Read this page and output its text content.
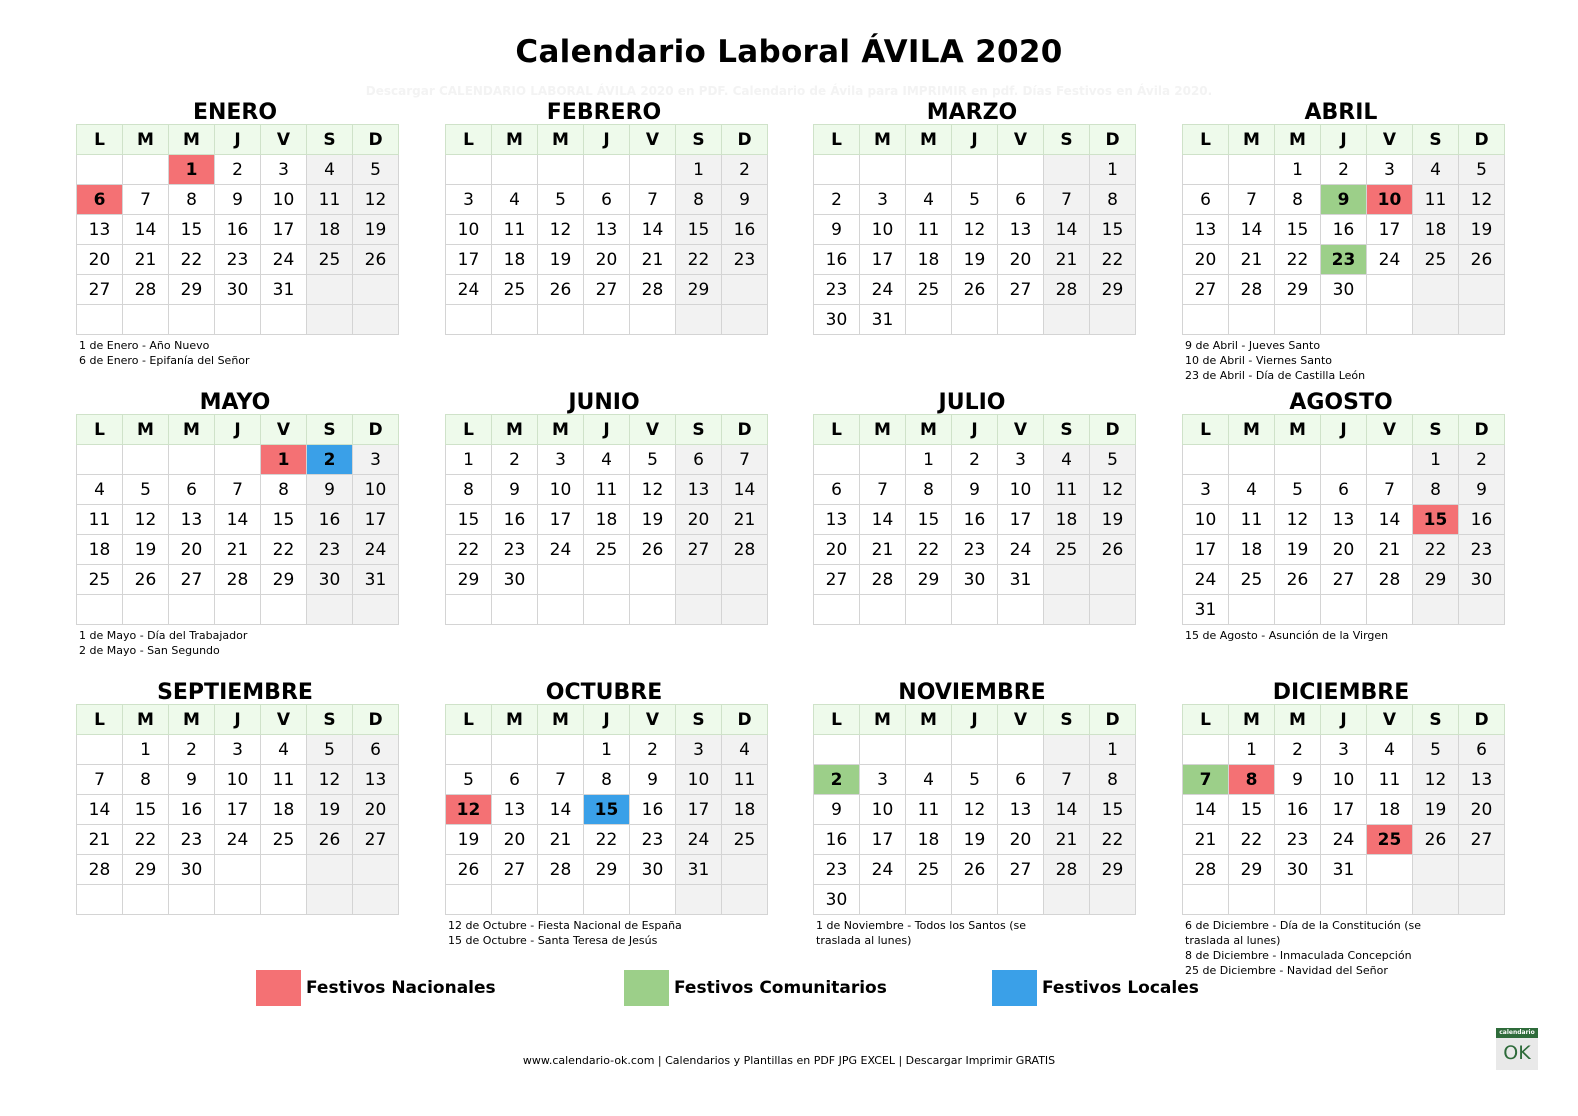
Calendario Laboral ÁVILA 2020
Descargar CALENDARIO LABORAL ÁVILA 2020 en PDF. Calendario de Ávila para IMPRIMIR en pdf. Días Festivos en Ávila 2020.
ENERO
L	M	M	J	V	S	D
		1	2	3	4	5
6	7	8	9	10	11	12
13	14	15	16	17	18	19
20	21	22	23	24	25	26
27	28	29	30	31		

1 de Enero - Año Nuevo
6 de Enero - Epifanía del Señor
FEBRERO
L	M	M	J	V	S	D
					1	2
3	4	5	6	7	8	9
10	11	12	13	14	15	16
17	18	19	20	21	22	23
24	25	26	27	28	29	

MARZO
L	M	M	J	V	S	D
						1
2	3	4	5	6	7	8
9	10	11	12	13	14	15
16	17	18	19	20	21	22
23	24	25	26	27	28	29
30	31					
ABRIL
L	M	M	J	V	S	D
		1	2	3	4	5
6	7	8	9	10	11	12
13	14	15	16	17	18	19
20	21	22	23	24	25	26
27	28	29	30			

9 de Abril - Jueves Santo
10 de Abril - Viernes Santo
23 de Abril - Día de Castilla León
MAYO
L	M	M	J	V	S	D
				1	2	3
4	5	6	7	8	9	10
11	12	13	14	15	16	17
18	19	20	21	22	23	24
25	26	27	28	29	30	31

1 de Mayo - Día del Trabajador
2 de Mayo - San Segundo
JUNIO
L	M	M	J	V	S	D
1	2	3	4	5	6	7
8	9	10	11	12	13	14
15	16	17	18	19	20	21
22	23	24	25	26	27	28
29	30					

JULIO
L	M	M	J	V	S	D
		1	2	3	4	5
6	7	8	9	10	11	12
13	14	15	16	17	18	19
20	21	22	23	24	25	26
27	28	29	30	31		

AGOSTO
L	M	M	J	V	S	D
					1	2
3	4	5	6	7	8	9
10	11	12	13	14	15	16
17	18	19	20	21	22	23
24	25	26	27	28	29	30
31						
15 de Agosto - Asunción de la Virgen
SEPTIEMBRE
L	M	M	J	V	S	D
	1	2	3	4	5	6
7	8	9	10	11	12	13
14	15	16	17	18	19	20
21	22	23	24	25	26	27
28	29	30				

OCTUBRE
L	M	M	J	V	S	D
			1	2	3	4
5	6	7	8	9	10	11
12	13	14	15	16	17	18
19	20	21	22	23	24	25
26	27	28	29	30	31	

12 de Octubre - Fiesta Nacional de España
15 de Octubre - Santa Teresa de Jesús
NOVIEMBRE
L	M	M	J	V	S	D
						1
2	3	4	5	6	7	8
9	10	11	12	13	14	15
16	17	18	19	20	21	22
23	24	25	26	27	28	29
30						
1 de Noviembre - Todos los Santos (se
traslada al lunes)
DICIEMBRE
L	M	M	J	V	S	D
	1	2	3	4	5	6
7	8	9	10	11	12	13
14	15	16	17	18	19	20
21	22	23	24	25	26	27
28	29	30	31			

6 de Diciembre - Día de la Constitución (se
traslada al lunes)
8 de Diciembre - Inmaculada Concepción
25 de Diciembre - Navidad del Señor
Festivos Nacionales	Festivos Comunitarios	Festivos Locales
www.calendario-ok.com | Calendarios y Plantillas en PDF JPG EXCEL | Descargar Imprimir GRATIS
calendario
OK
